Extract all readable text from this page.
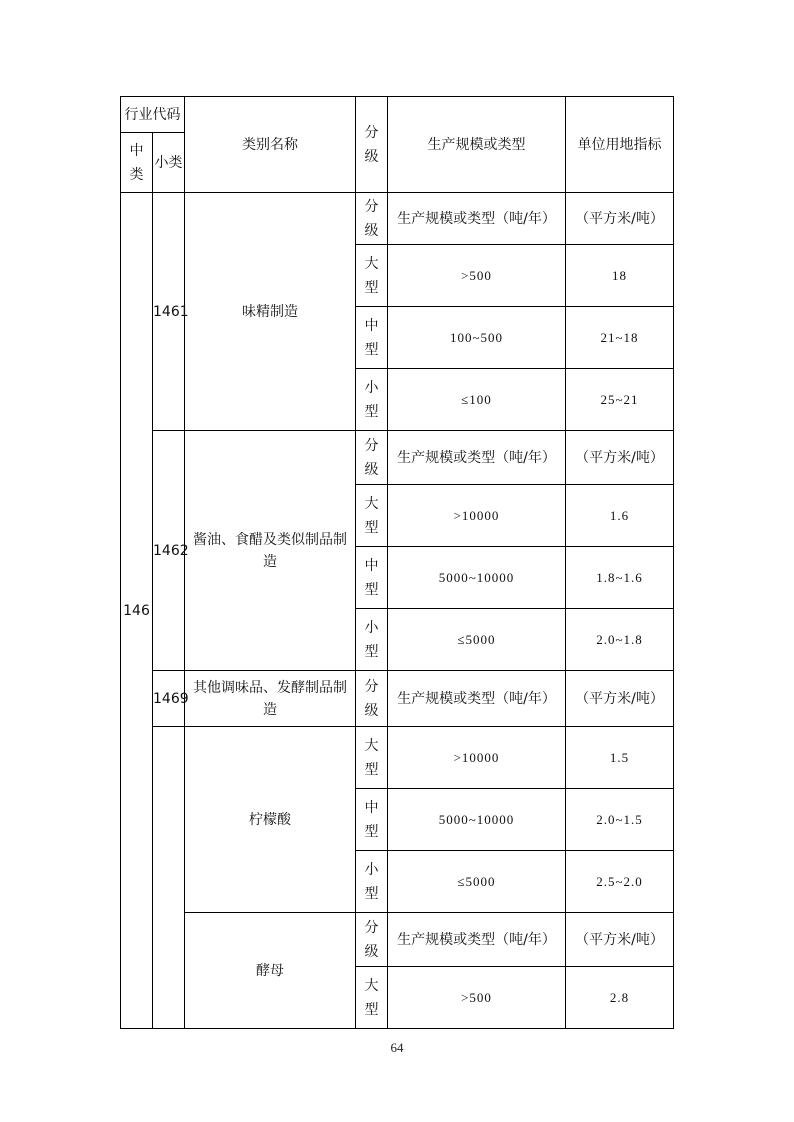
行业代码		类别名称	分级	生产规模或类型	单位用地指标
中类	小类				
146	1461	味精制造	分级	生产规模或类型（吨/年）	（平方米/吨）
			大型	>500	18
			中型	100~500	21~18
			小型	≤100	25~21
	1462	酱油、食醋及类似制品制造	分级	生产规模或类型（吨/年）	（平方米/吨）
			大型	>10000	1.6
			中型	5000~10000	1.8~1.6
			小型	≤5000	2.0~1.8
	1469	其他调味品、发酵制品制造	分级	生产规模或类型（吨/年）	（平方米/吨）
		柠檬酸	大型	>10000	1.5
			中型	5000~10000	2.0~1.5
			小型	≤5000	2.5~2.0
		酵母	分级	生产规模或类型（吨/年）	（平方米/吨）
			大型	>500	2.8
64
